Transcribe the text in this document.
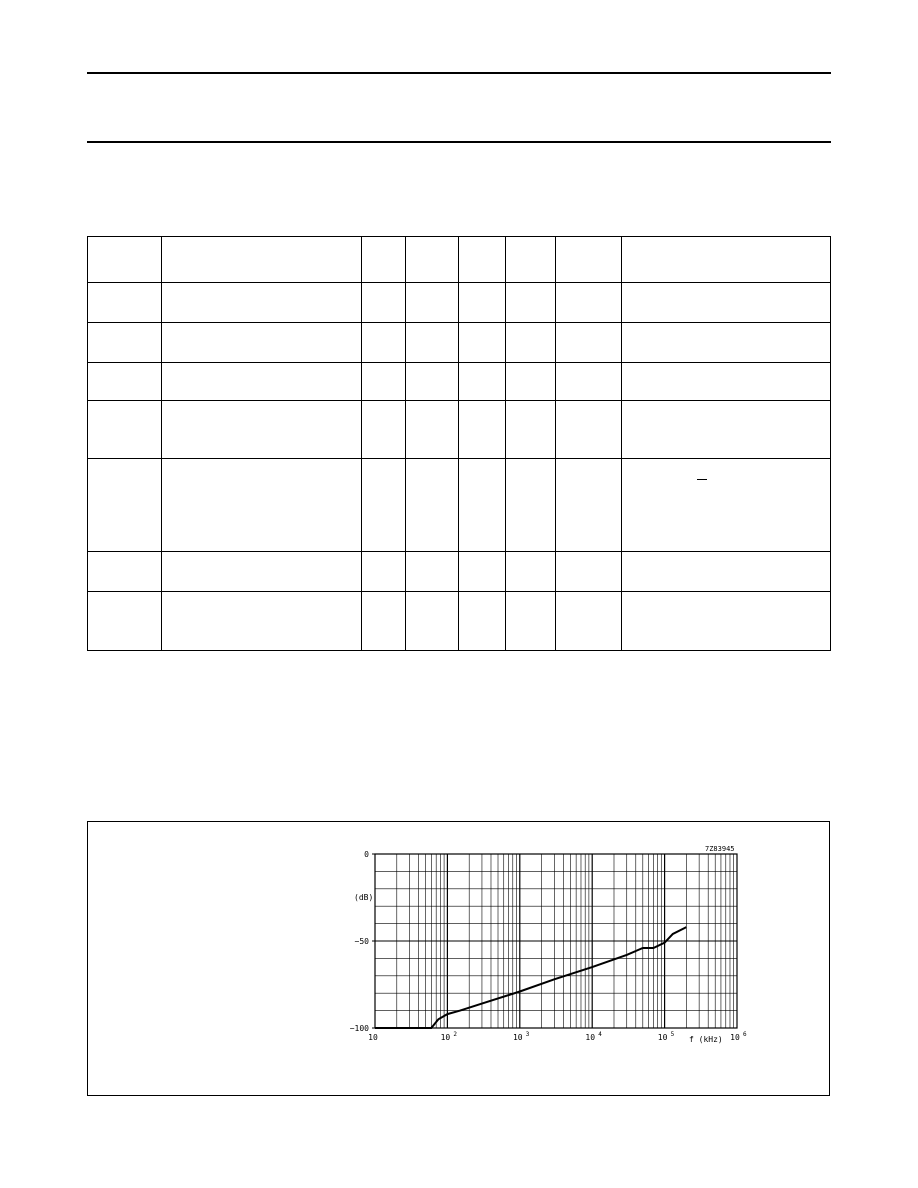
0
−50
−100
10	10 2	10 3	10 4	10 5	10 6
7Z83945
(dB)
f (kHz)
